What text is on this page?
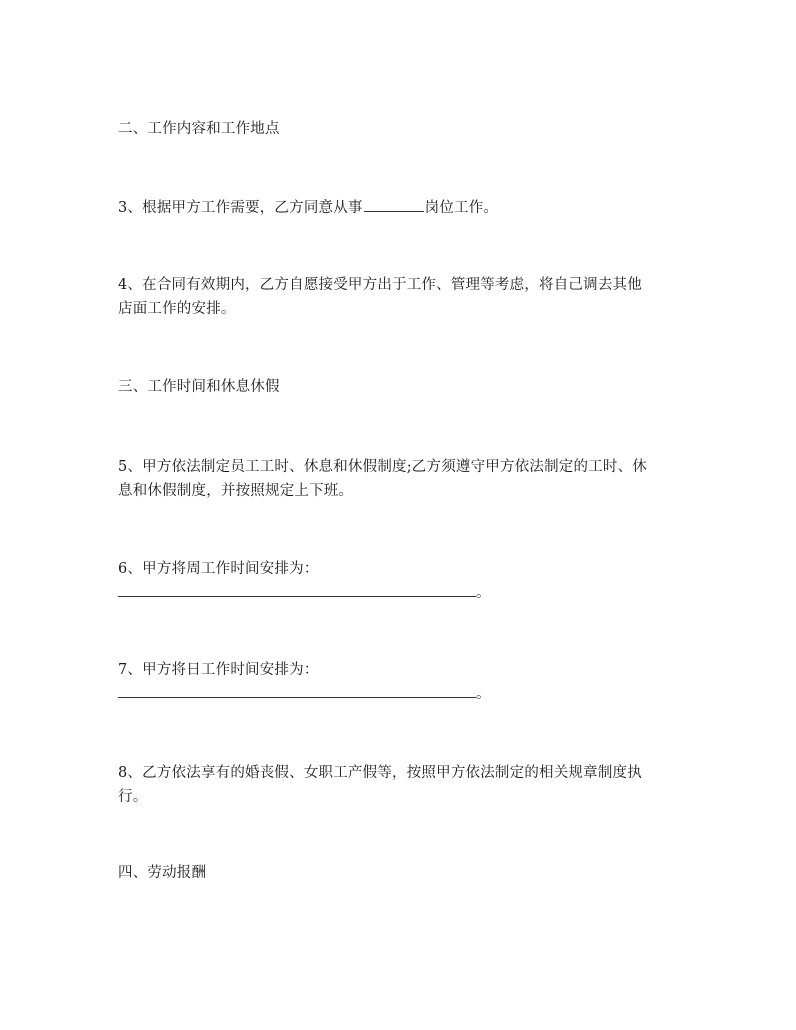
二、工作内容和工作地点
3、根据甲方工作需要，乙方同意从事	岗位工作。
4、在合同有效期内，乙方自愿接受甲方出于工作、管理等考虑，将自己调去其他
店面工作的安排。
三、工作时间和休息休假
5、甲方依法制定员工工时、休息和休假制度;乙方须遵守甲方依法制定的工时、休
息和休假制度，并按照规定上下班。
6、甲方将周工作时间安排为：
。
7、甲方将日工作时间安排为：
。
8、乙方依法享有的婚丧假、女职工产假等，按照甲方依法制定的相关规章制度执
行。
四、劳动报酬
